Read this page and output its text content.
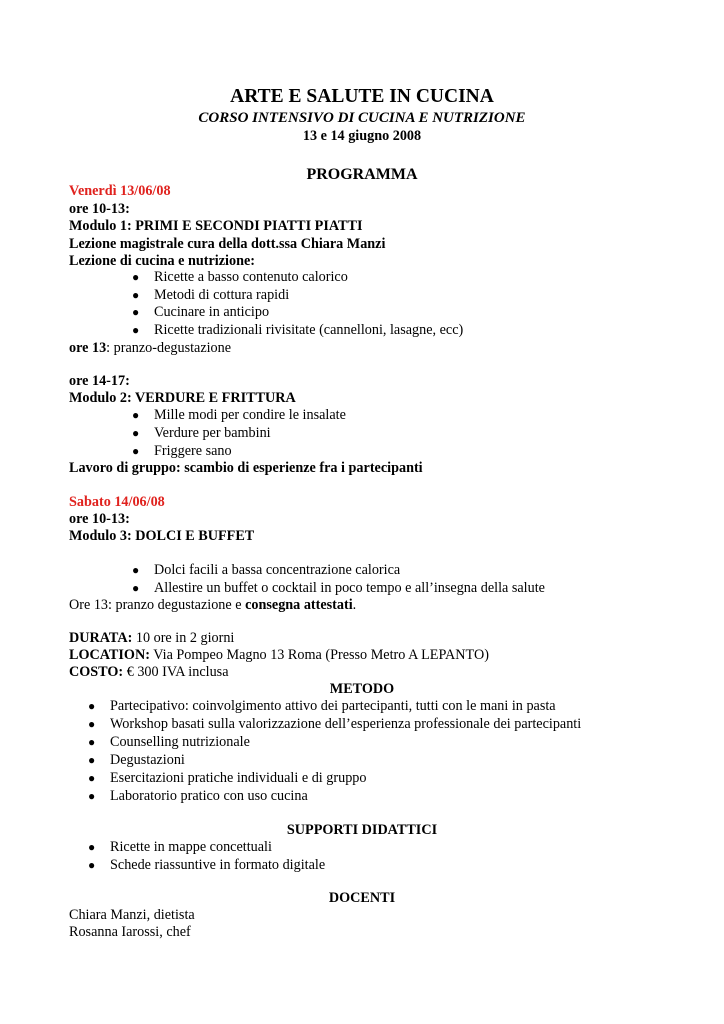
ARTE E SALUTE IN CUCINA
CORSO INTENSIVO DI CUCINA E NUTRIZIONE
13 e 14 giugno 2008
PROGRAMMA
Venerdì 13/06/08
ore 10-13:
Modulo 1: PRIMI E SECONDI PIATTI PIATTI
Lezione magistrale cura della dott.ssa Chiara Manzi
Lezione di cucina e nutrizione:
● Ricette a basso contenuto calorico
● Metodi di cottura rapidi
● Cucinare in anticipo
● Ricette tradizionali rivisitate (cannelloni, lasagne, ecc)
ore 13: pranzo-degustazione
ore 14-17:
Modulo 2: VERDURE E FRITTURA
● Mille modi per condire le insalate
● Verdure per bambini
● Friggere sano
Lavoro di gruppo: scambio di esperienze fra i partecipanti
Sabato 14/06/08
ore 10-13:
Modulo 3: DOLCI E BUFFET
● Dolci facili a bassa concentrazione calorica
● Allestire un buffet o cocktail in poco tempo e all’insegna della salute
Ore 13: pranzo degustazione e consegna attestati.
DURATA: 10 ore in 2 giorni
LOCATION: Via Pompeo Magno 13 Roma (Presso Metro A LEPANTO)
COSTO: € 300 IVA inclusa
METODO
● Partecipativo: coinvolgimento attivo dei partecipanti, tutti con le mani in pasta
● Workshop basati sulla valorizzazione dell’esperienza professionale dei partecipanti
● Counselling nutrizionale
● Degustazioni
● Esercitazioni pratiche individuali e di gruppo
● Laboratorio pratico con uso cucina
SUPPORTI DIDATTICI
● Ricette in mappe concettuali
● Schede riassuntive in formato digitale
DOCENTI
Chiara Manzi, dietista
Rosanna Iarossi, chef
